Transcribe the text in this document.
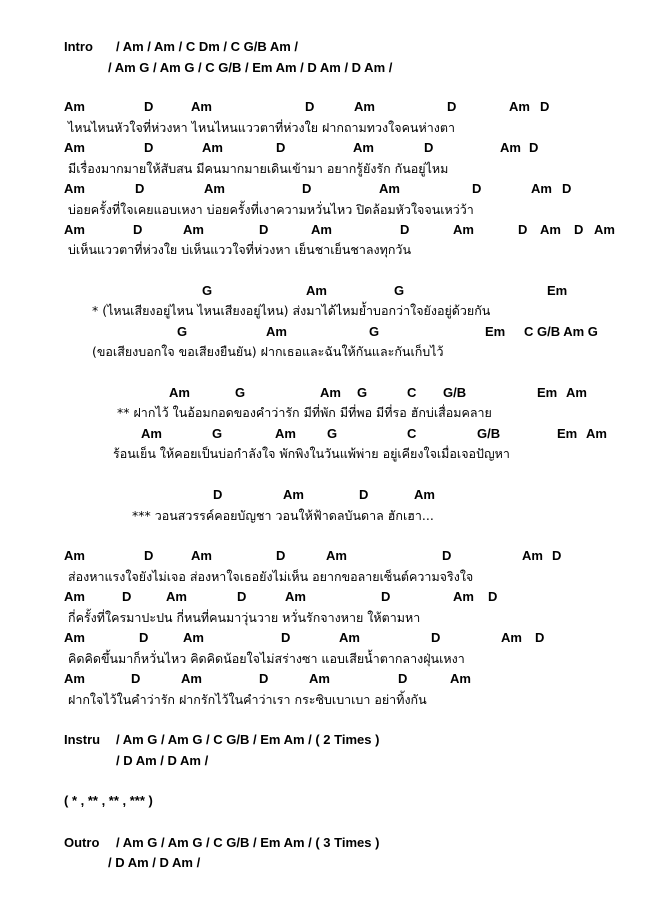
Intro / Am / Am / C Dm / C G/B Am /
/ Am G / Am G / C G/B / Em Am / D Am / D Am /
Instru / Am G / Am G / C G/B / Em Am / ( 2 Times )
/ D Am / D Am /
( * , ** , ** , *** )
Outro / Am G / Am G / C G/B / Em Am / ( 3 Times )
/ D Am / D Am /
Am	D	Am	D	Am	D	Am D
ไหนไหนหัวใจที่ห่วงหา ไหนไหนแววตาที่ห่วงใย ฝากถามทวงใจคนห่างตา
Am	D	Am	D	Am	D	Am D
มีเรื่องมากมายให้สับสน มีคนมากมายเดินเข้ามา อยากรู้ยังรัก กันอยู่ไหม
Am	D	Am	D	Am	D	Am D
บ่อยครั้งที่ใจเคยแอบเหงา บ่อยครั้งที่เงาความหวั่นไหว ปิดล้อมหัวใจจนเหว่ว้า
Am	D	Am	D	Am	D	Am	D Am D Am
บ่เห็นแววตาที่ห่วงใย บ่เห็นแววใจที่ห่วงหา เย็นชาเย็นชาลงทุกวัน
G	Am	G	Em
* (ไหนเสียงอยู่ไหน ไหนเสียงอยู่ไหน) ส่งมาได้ไหมย้ำบอกว่าใจยังอยู่ด้วยกัน
G	Am	G	Em C G/B Am G
(ขอเสียงบอกใจ ขอเสียงยืนยัน) ฝากเธอและฉันให้กันและกันเก็บไว้
Am	G	Am G	C G/B	Em Am
** ฝากไว้ ในอ้อมกอดของคำว่ารัก มีที่พัก มีที่พอ มีที่รอ ฮักบ่เสื่อมคลาย
Am	G	Am G	C	G/B	Em Am
ร้อนเย็น ให้คอยเป็นบ่อกำลังใจ พักพิงในวันแพ้พ่าย อยู่เคียงใจเมื่อเจอปัญหา
D	Am	D	Am
*** วอนสวรรค์คอยบัญชา วอนให้ฟ้าดลบันดาล ฮักเฮา...
Am	D	Am	D	Am	D	Am D
ส่องหาแรงใจยังไม่เจอ ส่องหาใจเธอยังไม่เห็น อยากขอลายเซ็นต์ความจริงใจ
Am	D	Am	D	Am	D	Am D
กี่ครั้งที่ใครมาปะปน กี่หนที่คนมาวุ่นวาย หวั่นรักจางหาย ให้ตามหา
Am	D	Am	D	Am	D	Am D
คิดคิดขึ้นมาก็หวั่นไหว คิดคิดน้อยใจไม่สร่างซา แอบเสียน้ำตากลางฝุ่นเหงา
Am	D	Am	D	Am	D	Am
ฝากใจไว้ในคำว่ารัก ฝากรักไว้ในคำว่าเรา กระซิบเบาเบา อย่าทิ้งกัน
